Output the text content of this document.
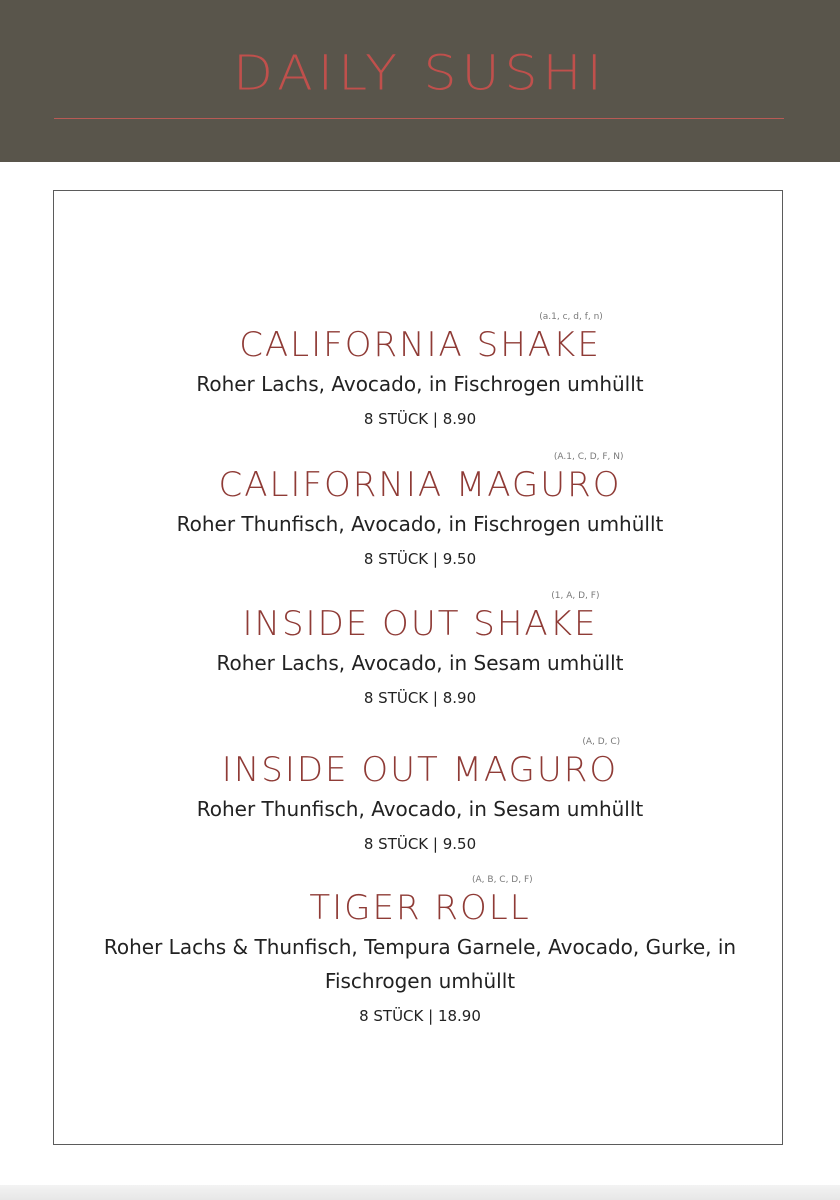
DAILY SUSHI
CALIFORNIA SHAKE
(a.1, c, d, f, n)
Roher Lachs, Avocado, in Fischrogen umhüllt
8 STÜCK | 8.90
CALIFORNIA MAGURO
(A.1, C, D, F, N)
Roher Thunfisch, Avocado, in Fischrogen umhüllt
8 STÜCK | 9.50
INSIDE OUT SHAKE
(1, A, D, F)
Roher Lachs, Avocado, in Sesam umhüllt
8 STÜCK | 8.90
INSIDE OUT MAGURO
(A, D, C)
Roher Thunfisch, Avocado, in Sesam umhüllt
8 STÜCK | 9.50
TIGER ROLL
(A, B, C, D, F)
Roher Lachs & Thunfisch, Tempura Garnele, Avocado, Gurke, in
Fischrogen umhüllt
8 STÜCK | 18.90
